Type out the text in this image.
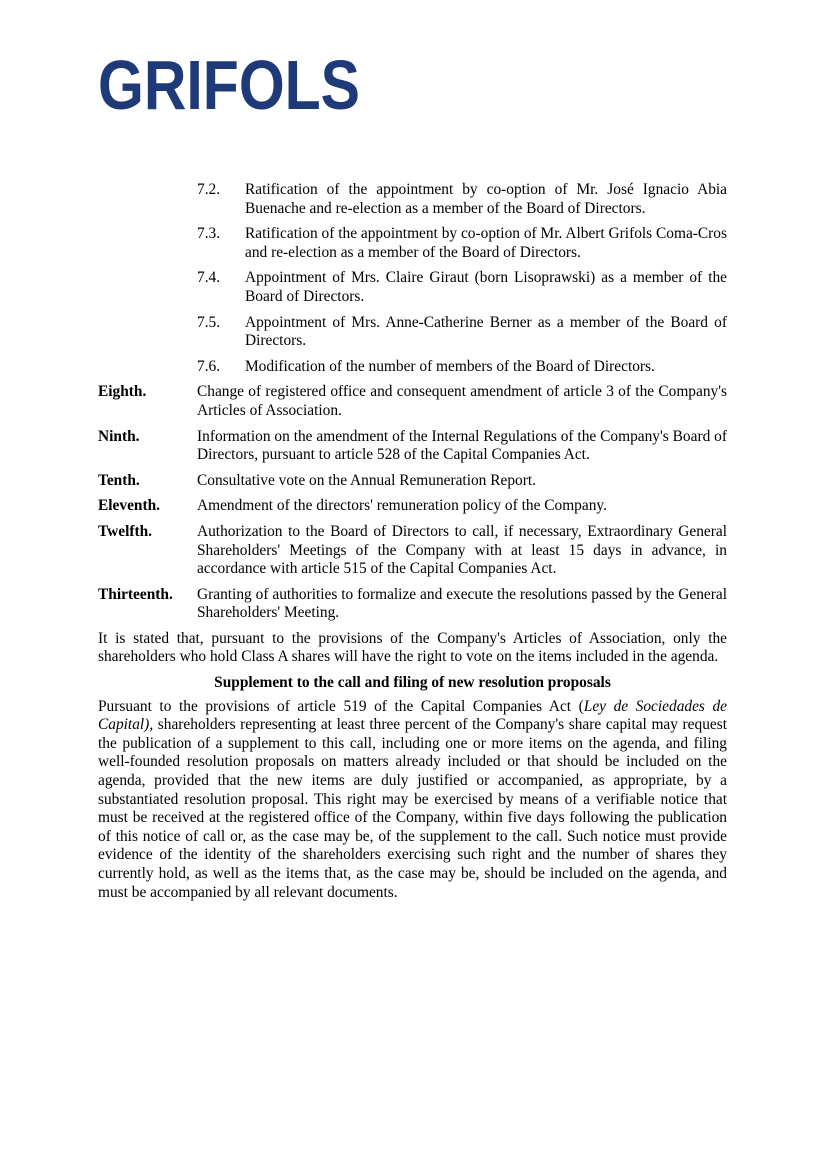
GRIFOLS
7.2.	Ratification of the appointment by co-option of Mr. José Ignacio Abia Buenache and re-election as a member of the Board of Directors.
7.3.	Ratification of the appointment by co-option of Mr. Albert Grifols Coma-Cros and re-election as a member of the Board of Directors.
7.4.	Appointment of Mrs. Claire Giraut (born Lisoprawski) as a member of the Board of Directors.
7.5.	Appointment of Mrs. Anne-Catherine Berner as a member of the Board of Directors.
7.6.	Modification of the number of members of the Board of Directors.
Eighth.	Change of registered office and consequent amendment of article 3 of the Company's Articles of Association.
Ninth.	Information on the amendment of the Internal Regulations of the Company's Board of Directors, pursuant to article 528 of the Capital Companies Act.
Tenth.	Consultative vote on the Annual Remuneration Report.
Eleventh.	Amendment of the directors' remuneration policy of the Company.
Twelfth.	Authorization to the Board of Directors to call, if necessary, Extraordinary General Shareholders' Meetings of the Company with at least 15 days in advance, in accordance with article 515 of the Capital Companies Act.
Thirteenth.	Granting of authorities to formalize and execute the resolutions passed by the General Shareholders' Meeting.

It is stated that, pursuant to the provisions of the Company's Articles of Association, only the shareholders who hold Class A shares will have the right to vote on the items included in the agenda.

Supplement to the call and filing of new resolution proposals

Pursuant to the provisions of article 519 of the Capital Companies Act (Ley de Sociedades de Capital), shareholders representing at least three percent of the Company's share capital may request the publication of a supplement to this call, including one or more items on the agenda, and filing well-founded resolution proposals on matters already included or that should be included on the agenda, provided that the new items are duly justified or accompanied, as appropriate, by a substantiated resolution proposal. This right may be exercised by means of a verifiable notice that must be received at the registered office of the Company, within five days following the publication of this notice of call or, as the case may be, of the supplement to the call. Such notice must provide evidence of the identity of the shareholders exercising such right and the number of shares they currently hold, as well as the items that, as the case may be, should be included on the agenda, and must be accompanied by all relevant documents.
